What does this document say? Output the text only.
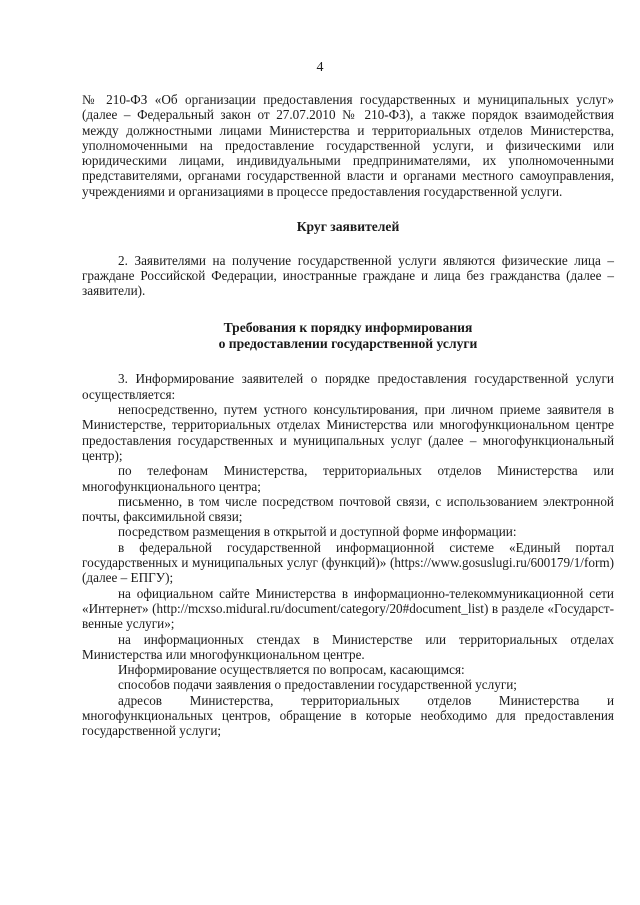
4

№ 210-ФЗ «Об организации предоставления государственных и муниципальных услуг» (далее – Федеральный закон от 27.07.2010 № 210-ФЗ), а также порядок взаимодействия между должностными лицами Министерства и территориальных отделов Министерства, уполномоченными на предоставление государственной услуги, и физическими или юридическими лицами, индивидуальными предпринимателями, их уполномоченными представителями, органами государственной власти и органами местного самоуправления, учреждениями и организациями в процессе предоставления государственной услуги.

Круг заявителей

2. Заявителями на получение государственной услуги являются физические лица – граждане Российской Федерации, иностранные граждане и лица без гражданства (далее – заявители).

Требования к порядку информирования
о предоставлении государственной услуги

3. Информирование заявителей о порядке предоставления государственной услуги осуществляется:

непосредственно, путем устного консультирования, при личном приеме заявителя в Министерстве, территориальных отделах Министерства или многофункциональном центре предоставления государственных и муниципальных услуг (далее – многофункциональный центр);

по телефонам Министерства, территориальных отделов Министерства или многофункционального центра;

письменно, в том числе посредством почтовой связи, с использованием электронной почты, факсимильной связи;

посредством размещения в открытой и доступной форме информации:

в федеральной государственной информационной системе «Единый портал государственных и муниципальных услуг (функций)» (https://www.gosuslugi.ru/600179/1/form) (далее – ЕПГУ);

на официальном сайте Министерства в информационно-телекоммуникационной сети «Интернет» (http://mcxso.midural.ru/document/category/20#document_list) в разделе «Государст-венные услуги»;

на информационных стендах в Министерстве или территориальных отделах Министерства или многофункциональном центре.

Информирование осуществляется по вопросам, касающимся:

способов подачи заявления о предоставлении государственной услуги;

адресов Министерства, территориальных отделов Министерства и многофункциональных центров, обращение в которые необходимо для предоставления государственной услуги;
